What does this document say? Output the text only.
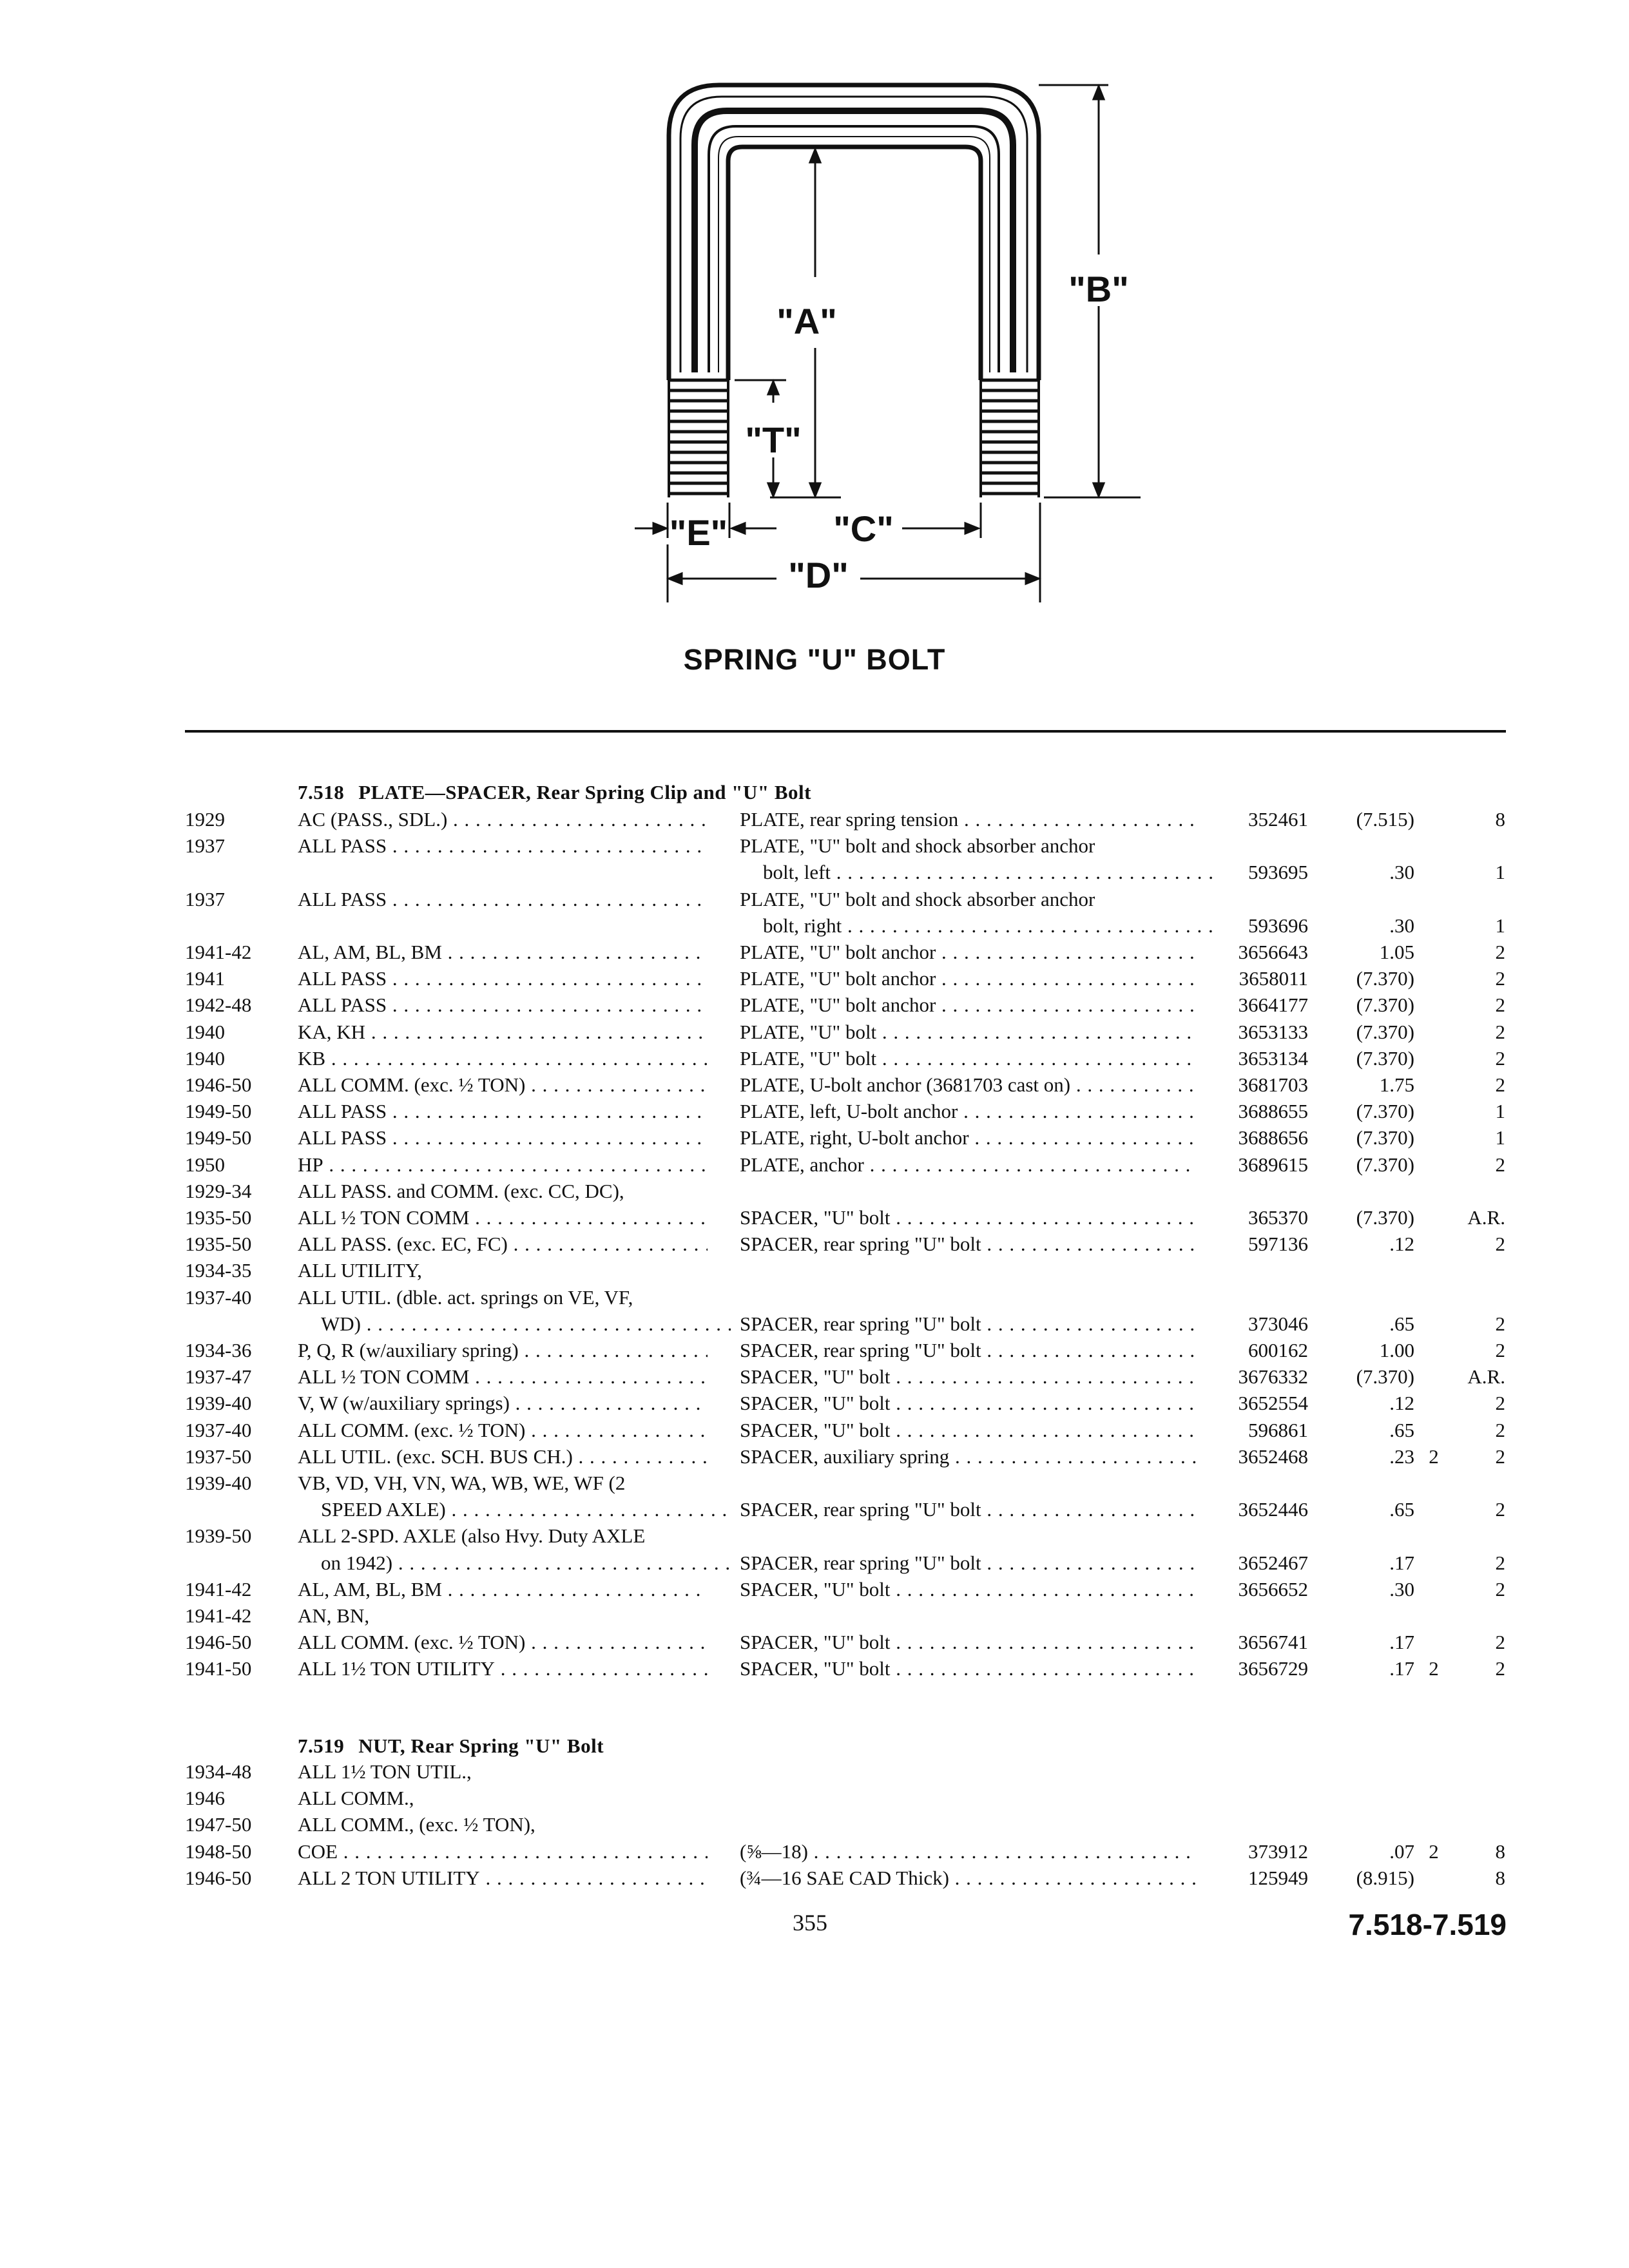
"A"
"B"
"T"
"E"	"C"
"D"
SPRING "U" BOLT
7.518 PLATE—SPACER, Rear Spring Clip and "U" Bolt
1929	AC (PASS., SDL.) . . .	PLATE, rear spring tension . . .	352461	(7.515)	8
1937	ALL PASS . . .	PLATE, "U" bolt and shock absorber anchor
bolt, left . . .	593695	.30	1
1937	ALL PASS . . .	PLATE, "U" bolt and shock absorber anchor
bolt, right . . .	593696	.30	1
1941-42 AL, AM, BL, BM . . .	PLATE, "U" bolt anchor . . .	3656643	1.05	2
1941	ALL PASS . . .	PLATE, "U" bolt anchor . . .	3658011	(7.370)	2
1942-48 ALL PASS . . .	PLATE, "U" bolt anchor . . .	3664177	(7.370)	2
1940	KA, KH . . .	PLATE, "U" bolt . . .	3653133	(7.370)	2
1940	KB . . .	PLATE, "U" bolt . . .	3653134	(7.370)	2
1946-50 ALL COMM. (exc. ½ TON) . . .	PLATE, U-bolt anchor (3681703 cast on) . . .	3681703	1.75	2
1949-50 ALL PASS . . .	PLATE, left, U-bolt anchor . . .	3688655	(7.370)	1
1949-50 ALL PASS . . .	PLATE, right, U-bolt anchor . . .	3688656	(7.370)	1
1950	HP . . .	PLATE, anchor . . .	3689615	(7.370)	2
1929-34 ALL PASS. and COMM. (exc. CC, DC),
1935-50 ALL ½ TON COMM . . .	SPACER, "U" bolt . . .	365370	(7.370)	A.R.
1935-50 ALL PASS. (exc. EC, FC) . . .	SPACER, rear spring "U" bolt . . .	597136	.12	2
1934-35 ALL UTILITY,
1937-40 ALL UTIL. (dble. act. springs on VE, VF,
WD) . . .	SPACER, rear spring "U" bolt . . .	373046	.65	2
1934-36 P, Q, R (w/auxiliary spring) . . .	SPACER, rear spring "U" bolt . . .	600162	1.00	2
1937-47 ALL ½ TON COMM . . .	SPACER, "U" bolt . . .	3676332	(7.370)	A.R.
1939-40 V, W (w/auxiliary springs) . . .	SPACER, "U" bolt . . .	3652554	.12	2
1937-40 ALL COMM. (exc. ½ TON) . . .	SPACER, "U" bolt . . .	596861	.65	2
1937-50 ALL UTIL. (exc. SCH. BUS CH.) . . .	SPACER, auxiliary spring . . .	3652468	.23 2	2
1939-40 VB, VD, VH, VN, WA, WB, WE, WF (2
SPEED AXLE) . . .	SPACER, rear spring "U" bolt . . .	3652446	.65	2
1939-50 ALL 2-SPD. AXLE (also Hvy. Duty AXLE
on 1942) . . .	SPACER, rear spring "U" bolt . . .	3652467	.17	2
1941-42 AL, AM, BL, BM . . .	SPACER, "U" bolt . . .	3656652	.30	2
1941-42 AN, BN,
1946-50 ALL COMM. (exc. ½ TON) . . .	SPACER, "U" bolt . . .	3656741	.17	2
1941-50 ALL 1½ TON UTILITY . . .	SPACER, "U" bolt . . .	3656729	.17 2	2
7.519 NUT, Rear Spring "U" Bolt
1934-48 ALL 1½ TON UTIL.,
1946	ALL COMM.,
1947-50 ALL COMM., (exc. ½ TON),
1948-50 COE . . .	(⅝—18) . . .	373912	.07 2	8
1946-50 ALL 2 TON UTILITY . . .	(¾—16 SAE CAD Thick) . . .	125949	(8.915)	8
355	7.518-7.519
